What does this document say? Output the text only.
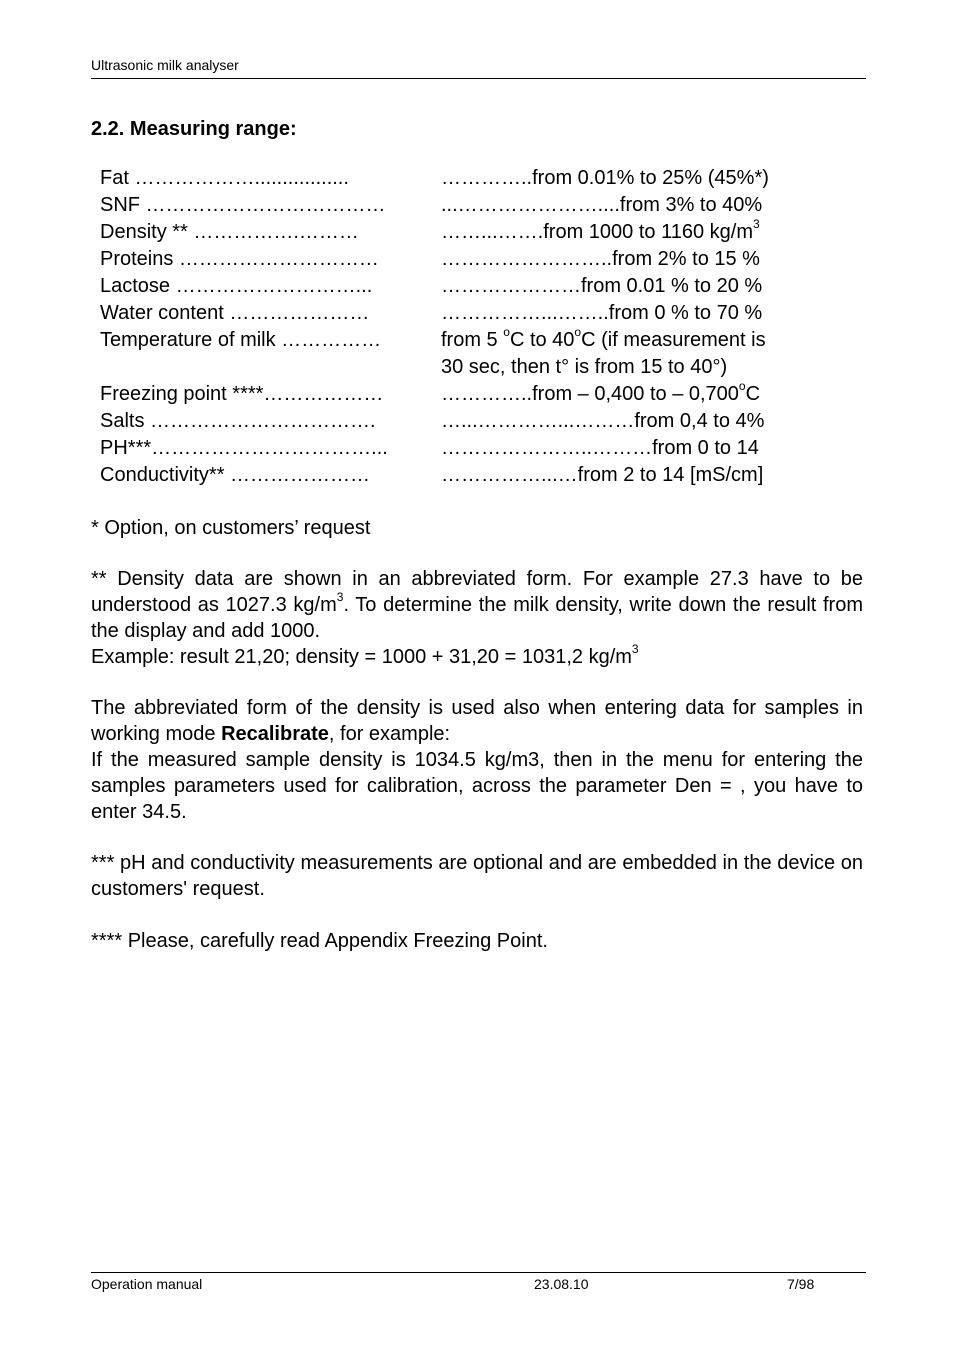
Ultrasonic milk analyser
2.2. Measuring range:
Fat ……………….................	…………..from 0.01% to 25% (45%*)
SNF ………………………………	...…………………....from 3% to 40%
Density ** …………….………	……...…….from 1000 to 1160 $kg/m^3$
Proteins …………………………	……………………..from 2% to 15 %
Lactose ………………………...	…………………from 0.01 % to 20 %
Water content …………………	……………...……..from 0 % to 70 %
Temperature of milk ……………	from 5 $^o$C to 40$^o$C (if measurement is
30 sec, then t° is from 15 to 40°)
Freezing point ****………………	…………..from – 0,400 to – 0,700$^o$C
Salts …………………………….	…...…………...………from 0,4 to 4%
PH***……………………………...	…………………..………from 0 to 14
Conductivity** …………………	……………...…from 2 to 14 [mS/cm]

* Option, on customers’ request

** Density data are shown in an abbreviated form. For example 27.3 have to be understood as 1027.3 $kg/m^3$. To determine the milk density, write down the result from the display and add 1000.

Example: result 21,20; density = 1000 + 31,20 = 1031,2 $kg/m^3$

The abbreviated form of the density is used also when entering data for samples in working mode Recalibrate, for example:

If the measured sample density is 1034.5 kg/m3, then in the menu for entering the samples parameters used for calibration, across the parameter Den = , you have to enter 34.5.

*** pH and conductivity measurements are optional and are embedded in the device on customers' request.

**** Please, carefully read Appendix Freezing Point.

Operation manual	23.08.10	7/98
